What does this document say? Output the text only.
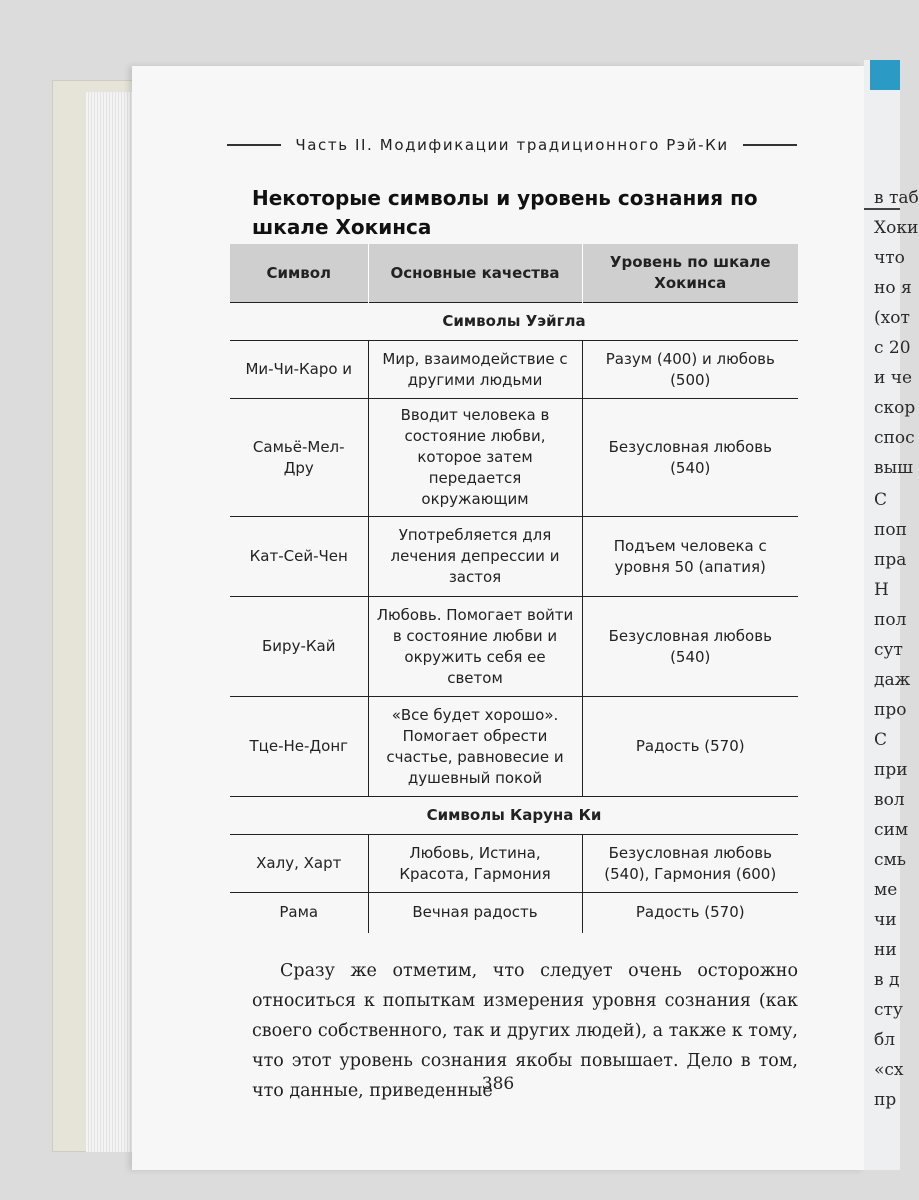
Часть II. Модификации традиционного Рэй-Ки
Некоторые символы и уровень сознания по шкале Хокинса
Символ	Основные качества	Уровень по шкале Хокинса
Символы Уэйгла		
Ми-Чи-Каро и	Мир, взаимодействие с другими людьми	Разум (400) и любовь (500)
Самьё-Мел-Дру	Вводит человека в состояние любви, которое затем передается окружающим	Безусловная любовь (540)
Кат-Сей-Чен	Употребляется для лечения депрессии и застоя	Подъем человека с уровня 50 (апатия)
Биру-Кай	Любовь. Помогает войти в состояние любви и окружить себя ее светом	Безусловная любовь (540)
Тце-Не-Донг	«Все будет хорошо». Помогает обрести счастье, равновесие и душевный покой	Радость (570)
Символы Каруна Ки		
Халу, Харт	Любовь, Истина, Красота, Гармония	Безусловная любовь (540), Гармония (600)
Рама	Вечная радость	Радость (570)

Сразу же отметим, что следует очень осторожно относиться к попыткам измерения уровня сознания (как своего собственного, так и других людей), а также к тому, что этот уровень сознания якобы повышает. Дело в том, что данные, приведенные

386
в таб
Хоки
что
но я
(хот
с 20
и че
скор
спос
выш
С
поп
пра
Н
пол
сут
даж
про
С
при
вол
сим
смь
ме
чи
ни
в д
сту
бл
«сх
пр
